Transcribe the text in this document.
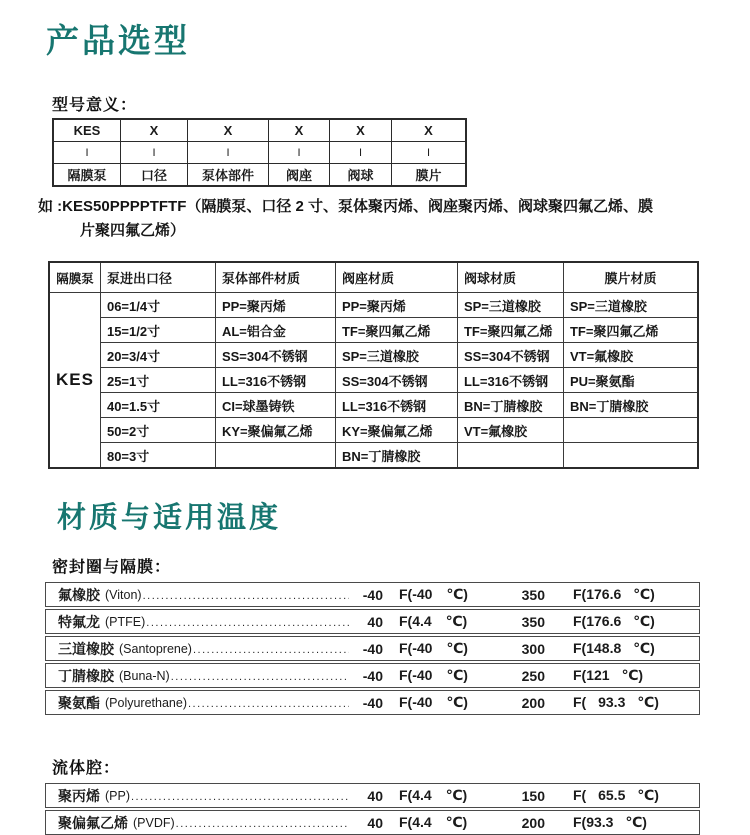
产品选型
型号意义：
KES	X	X	X	X	X
I	I	I	I	I	I
隔膜泵	口径	泵体部件	阀座	阀球	膜片
如 :KES50PPPPTFTF（隔膜泵、口径 2 寸、泵体聚丙烯、阀座聚丙烯、阀球聚四氟乙烯、膜
片聚四氟乙烯）
隔膜泵	泵进出口径	泵体部件材质	阀座材质	阀球材质	膜片材质
KES	06=1/4寸	PP=聚丙烯	PP=聚丙烯	SP=三道橡胶	SP=三道橡胶
	15=1/2寸	AL=铝合金	TF=聚四氟乙烯	TF=聚四氟乙烯	TF=聚四氟乙烯
	20=3/4寸	SS=304不锈钢	SP=三道橡胶	SS=304不锈钢	VT=氟橡胶
	25=1寸	LL=316不锈钢	SS=304不锈钢	LL=316不锈钢	PU=聚氨酯
	40=1.5寸	CI=球墨铸铁	LL=316不锈钢	BN=丁腈橡胶	BN=丁腈橡胶
	50=2寸	KY=聚偏氟乙烯	KY=聚偏氟乙烯	VT=氟橡胶	
	80=3寸		BN=丁腈橡胶		
材质与适用温度
密封圈与隔膜：
氟橡胶 (Viton) .....	-40 F(-40 ℃)	350 F(176.6 ℃)
特氟龙 (PTFE) .....	40 F(4.4 ℃)	350 F(176.6 ℃)
三道橡胶 (Santoprene) .....	-40 F(-40 ℃)	300 F(148.8 ℃)
丁腈橡胶 (Buna-N) .....	-40 F(-40 ℃)	250 F(121 ℃)
聚氨酯 (Polyurethane) .....	-40 F(-40 ℃)	200 F( 93.3 ℃)
流体腔：
聚丙烯 (PP) .....	40 F(4.4 ℃)	150 F( 65.5 ℃)
聚偏氟乙烯 (PVDF) .....	40 F(4.4 ℃)	200 F(93.3 ℃)
